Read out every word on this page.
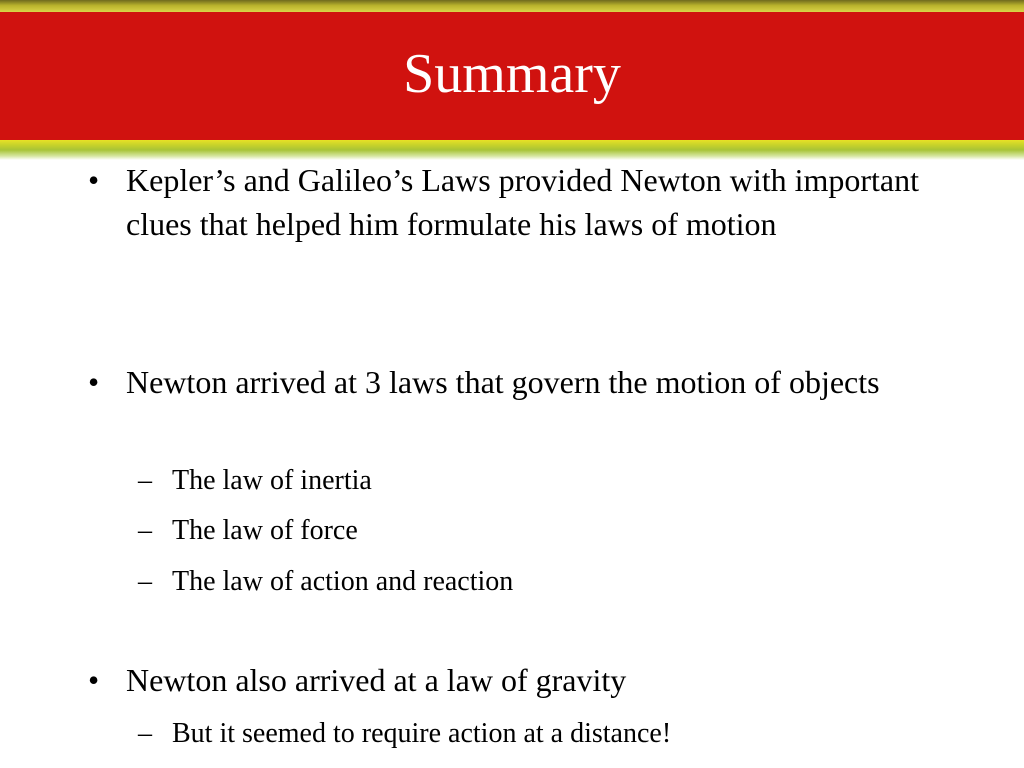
Summary
• Kepler’s and Galileo’s Laws provided Newton with important clues that helped him formulate his laws of motion
• Newton arrived at 3 laws that govern the motion of objects
– The law of inertia
– The law of force
– The law of action and reaction
• Newton also arrived at a law of gravity
– But it seemed to require action at a distance!
